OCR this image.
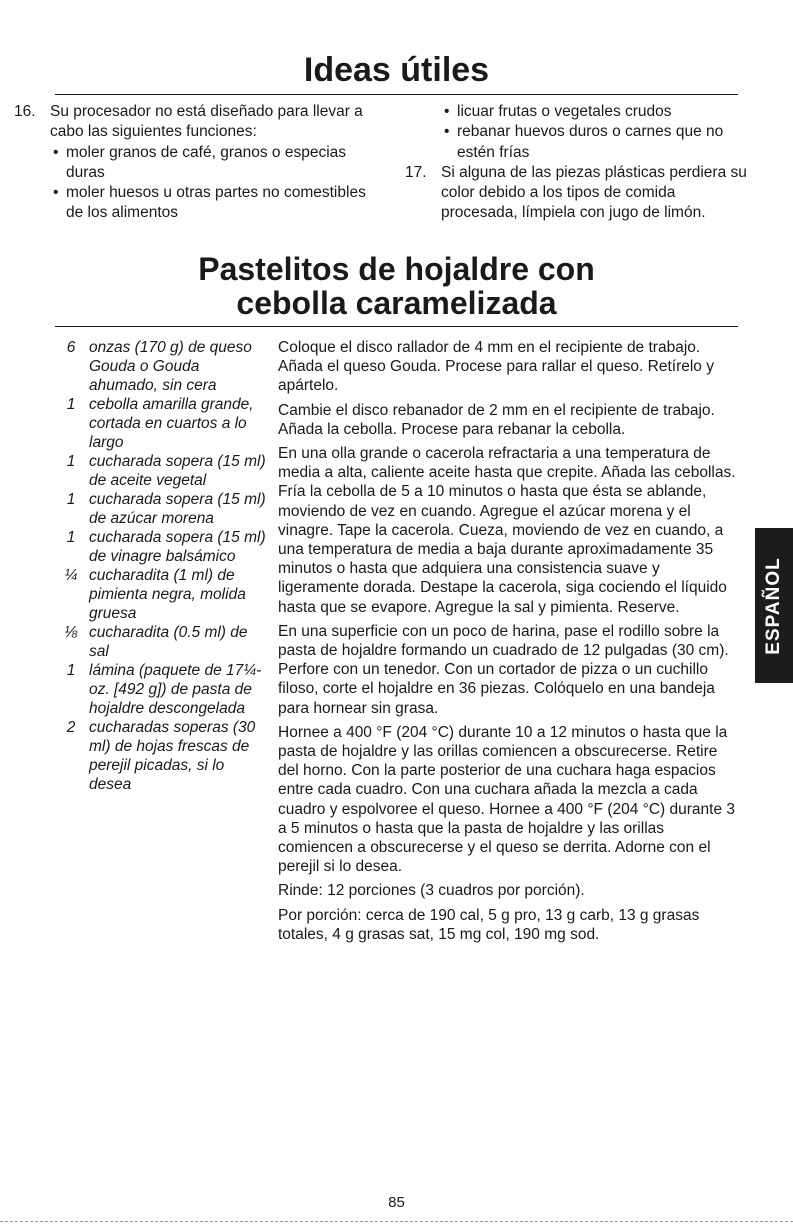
Ideas útiles
16. Su procesador no está diseñado para llevar a cabo las siguientes funciones:
• moler granos de café, granos o especias duras
• moler huesos u otras partes no comestibles de los alimentos
• licuar frutas o vegetales crudos
• rebanar huevos duros o carnes que no estén frías
17. Si alguna de las piezas plásticas perdiera su color debido a los tipos de comida procesada, límpiela con jugo de limón.
Pastelitos de hojaldre con
cebolla caramelizada
6 onzas (170 g) de queso Gouda o Gouda ahumado, sin cera
1 cebolla amarilla grande, cortada en cuartos a lo largo
1 cucharada sopera (15 ml) de aceite vegetal
1 cucharada sopera (15 ml) de azúcar morena
1 cucharada sopera (15 ml) de vinagre balsámico
¼ cucharadita (1 ml) de pimienta negra, molida gruesa
⅛ cucharadita (0.5 ml) de sal
1 lámina (paquete de 17¼-oz. [492 g]) de pasta de hojaldre descongelada
2 cucharadas soperas (30 ml) de hojas frescas de perejil picadas, si lo desea

Coloque el disco rallador de 4 mm en el recipiente de trabajo. Añada el queso Gouda. Procese para rallar el queso. Retírelo y apártelo.

Cambie el disco rebanador de 2 mm en el recipiente de trabajo. Añada la cebolla. Procese para rebanar la cebolla.

En una olla grande o cacerola refractaria a una temperatura de media a alta, caliente aceite hasta que crepite. Añada las cebollas. Fría la cebolla de 5 a 10 minutos o hasta que ésta se ablande, moviendo de vez en cuando. Agregue el azúcar morena y el vinagre. Tape la cacerola. Cueza, moviendo de vez en cuando, a una temperatura de media a baja durante aproximadamente 35 minutos o hasta que adquiera una consistencia suave y ligeramente dorada. Destape la cacerola, siga cociendo el líquido hasta que se evapore. Agregue la sal y pimienta. Reserve.

En una superficie con un poco de harina, pase el rodillo sobre la pasta de hojaldre formando un cuadrado de 12 pulgadas (30 cm). Perfore con un tenedor. Con un cortador de pizza o un cuchillo filoso, corte el hojaldre en 36 piezas. Colóquelo en una bandeja para hornear sin grasa.

Hornee a 400 °F (204 °C) durante 10 a 12 minutos o hasta que la pasta de hojaldre y las orillas comiencen a obscurecerse. Retire del horno. Con la parte posterior de una cuchara haga espacios entre cada cuadro. Con una cuchara añada la mezcla a cada cuadro y espolvoree el queso. Hornee a 400 °F (204 °C) durante 3 a 5 minutos o hasta que la pasta de hojaldre y las orillas comiencen a obscurecerse y el queso se derrita. Adorne con el perejil si lo desea.

Rinde: 12 porciones (3 cuadros por porción).

Por porción: cerca de 190 cal, 5 g pro, 13 g carb, 13 g grasas totales, 4 g grasas sat, 15 mg col, 190 mg sod.

ESPAÑOL
85
